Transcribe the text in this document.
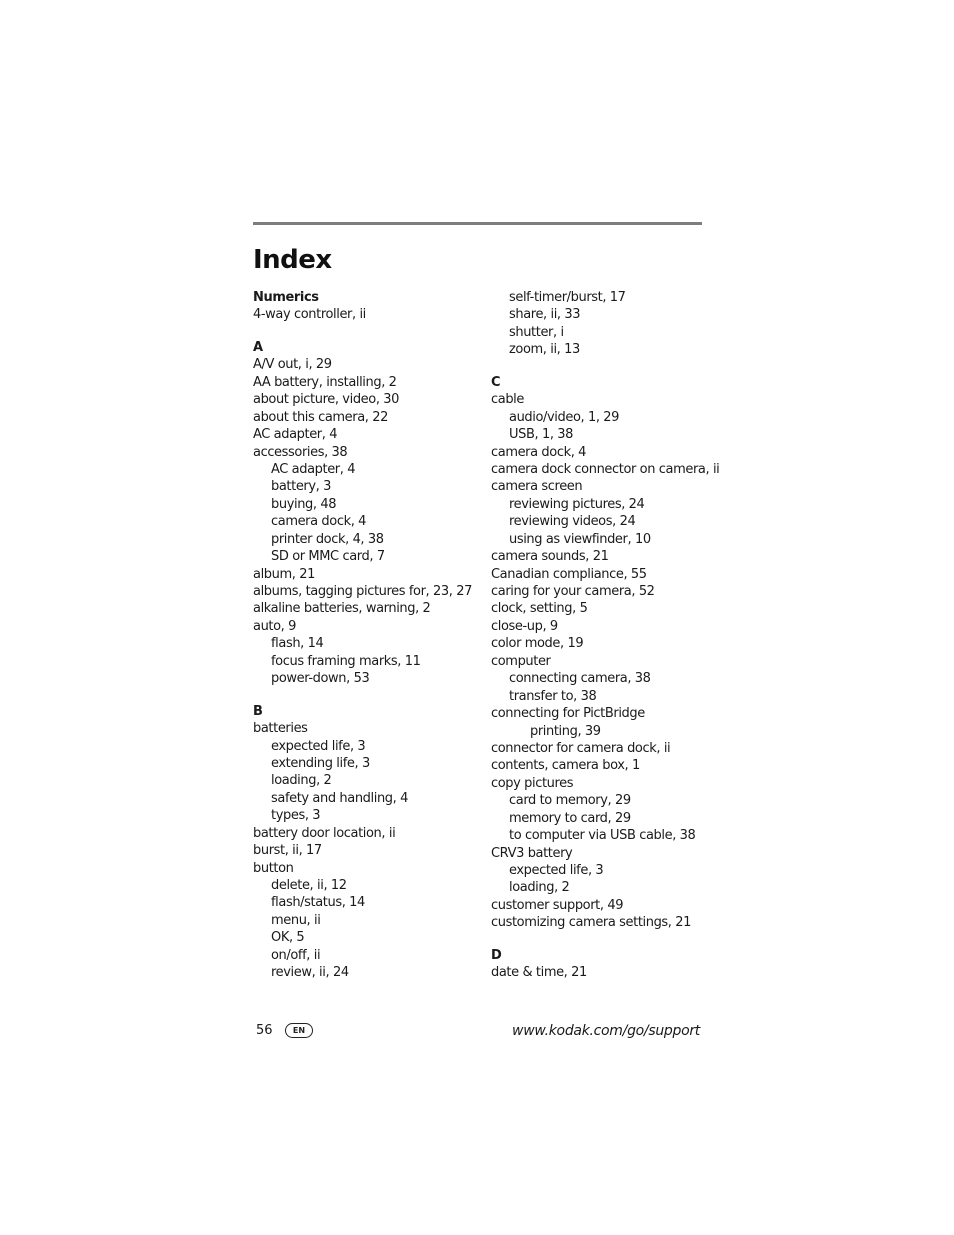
Index
Numerics
4-way controller, ii
A
A/V out, i, 29
AA battery, installing, 2
about picture, video, 30
about this camera, 22
AC adapter, 4
accessories, 38
AC adapter, 4
battery, 3
buying, 48
camera dock, 4
printer dock, 4, 38
SD or MMC card, 7
album, 21
albums, tagging pictures for, 23, 27
alkaline batteries, warning, 2
auto, 9
flash, 14
focus framing marks, 11
power-down, 53
B
batteries
expected life, 3
extending life, 3
loading, 2
safety and handling, 4
types, 3
battery door location, ii
burst, ii, 17
button
delete, ii, 12
flash/status, 14
menu, ii
OK, 5
on/off, ii
review, ii, 24
self-timer/burst, 17
share, ii, 33
shutter, i
zoom, ii, 13
C
cable
audio/video, 1, 29
USB, 1, 38
camera dock, 4
camera dock connector on camera, ii
camera screen
reviewing pictures, 24
reviewing videos, 24
using as viewfinder, 10
camera sounds, 21
Canadian compliance, 55
caring for your camera, 52
clock, setting, 5
close-up, 9
color mode, 19
computer
connecting camera, 38
transfer to, 38
connecting for PictBridge
printing, 39
connector for camera dock, ii
contents, camera box, 1
copy pictures
card to memory, 29
memory to card, 29
to computer via USB cable, 38
CRV3 battery
expected life, 3
loading, 2
customer support, 49
customizing camera settings, 21
D
date & time, 21
56	EN	www.kodak.com/go/support
